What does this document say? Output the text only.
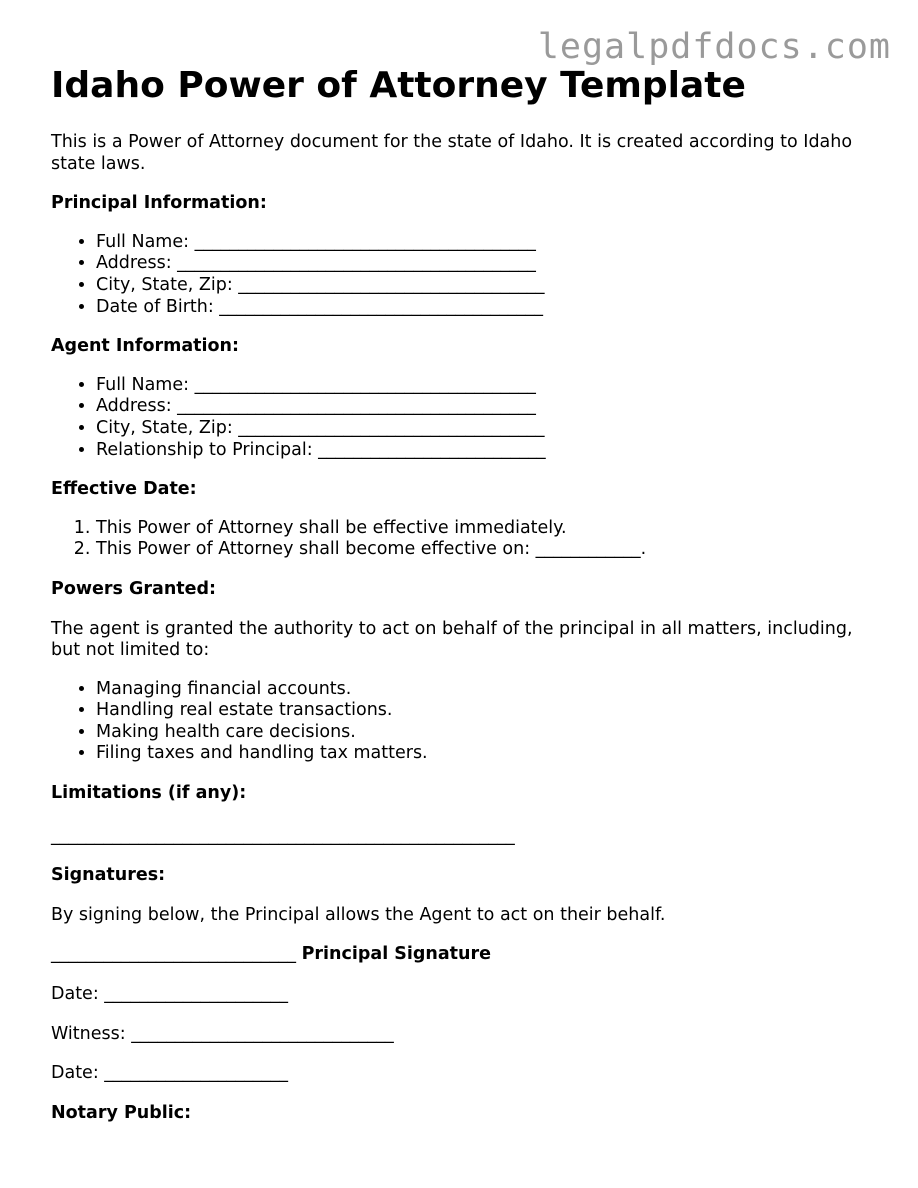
legalpdfdocs.com
Idaho Power of Attorney Template

This is a Power of Attorney document for the state of Idaho. It is created according to Idaho state laws.

Principal Information:

• Full Name: _______________________________________
• Address: _________________________________________
• City, State, Zip: ___________________________________
• Date of Birth: _____________________________________

Agent Information:

• Full Name: _______________________________________
• Address: _________________________________________
• City, State, Zip: ___________________________________
• Relationship to Principal: __________________________

Effective Date:

1. This Power of Attorney shall be effective immediately.
2. This Power of Attorney shall become effective on: ____________.

Powers Granted:

The agent is granted the authority to act on behalf of the principal in all matters, including, but not limited to:

• Managing financial accounts.
• Handling real estate transactions.
• Making health care decisions.
• Filing taxes and handling tax matters.

Limitations (if any):

_____________________________________________________

Signatures:

By signing below, the Principal allows the Agent to act on their behalf.

____________________________ Principal Signature

Date: _____________________

Witness: ______________________________

Date: _____________________

Notary Public:
